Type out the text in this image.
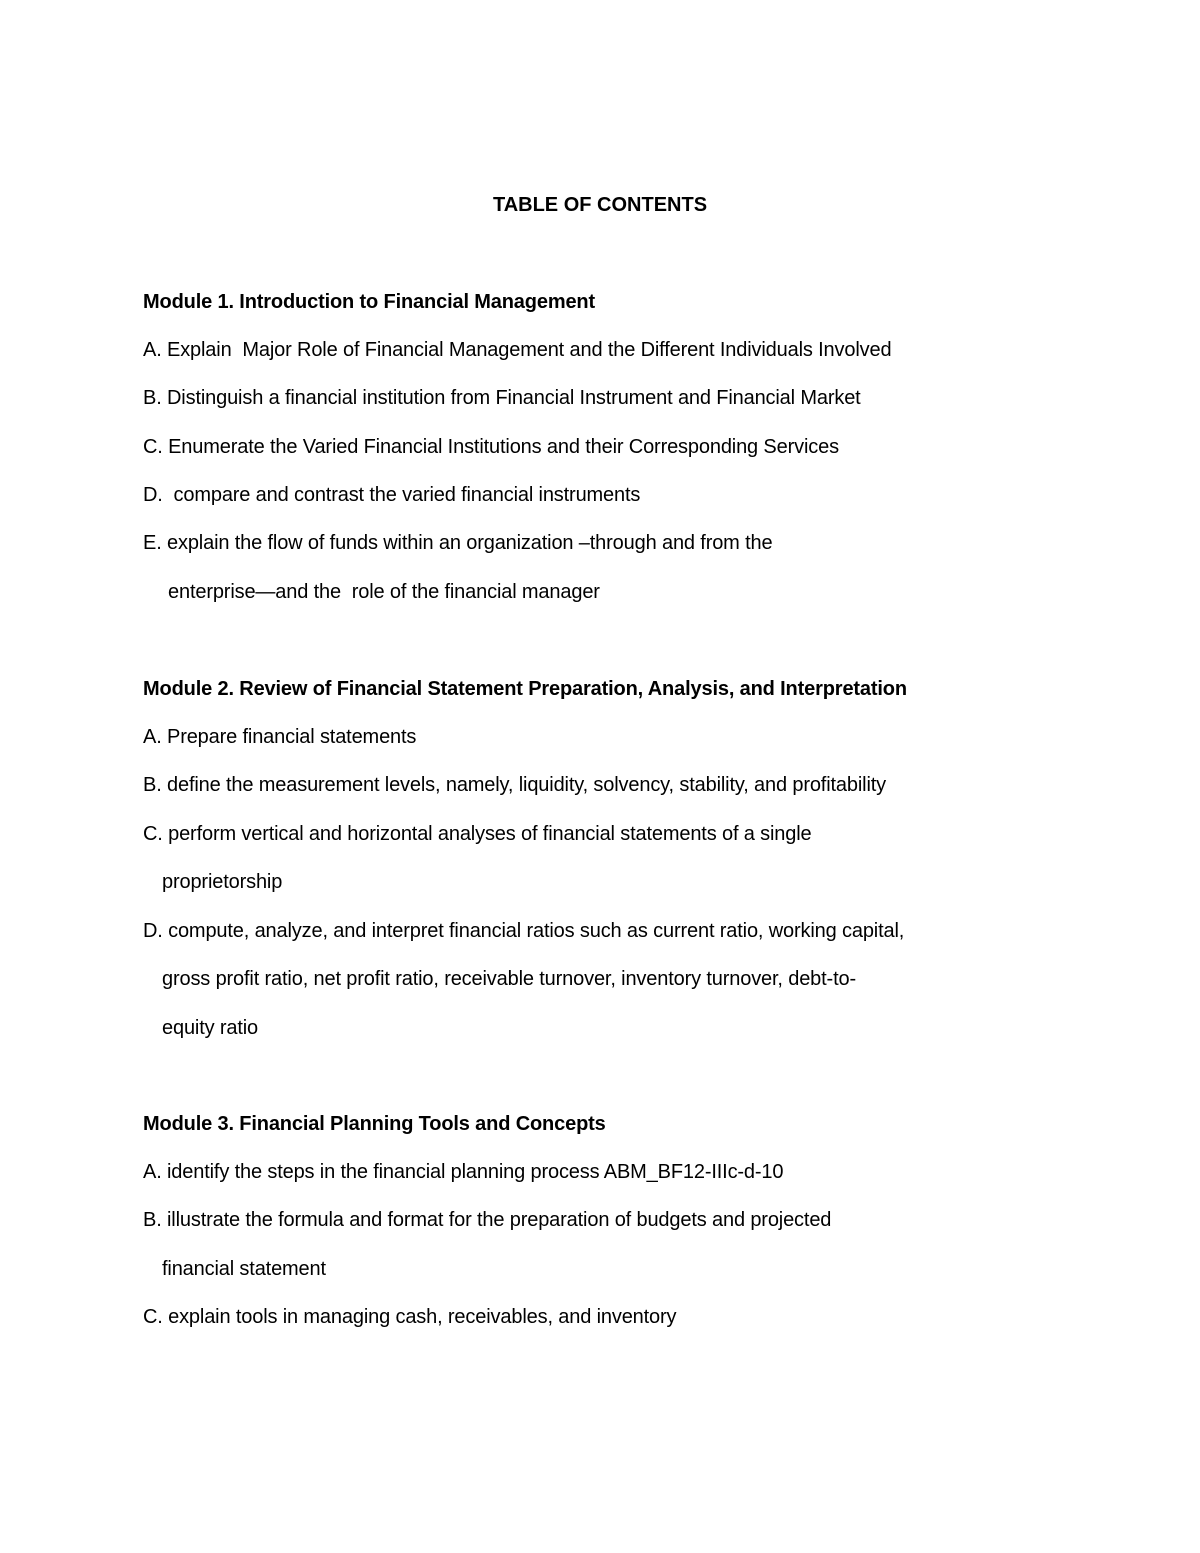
TABLE OF CONTENTS
Module 1. Introduction to Financial Management
A. Explain  Major Role of Financial Management and the Different Individuals Involved
B. Distinguish a financial institution from Financial Instrument and Financial Market
C. Enumerate the Varied Financial Institutions and their Corresponding Services
D.  compare and contrast the varied financial instruments
E. explain the flow of funds within an organization –through and from the
enterprise—and the  role of the financial manager
Module 2. Review of Financial Statement Preparation, Analysis, and Interpretation
A. Prepare financial statements
B. define the measurement levels, namely, liquidity, solvency, stability, and profitability
C. perform vertical and horizontal analyses of financial statements of a single
proprietorship
D. compute, analyze, and interpret financial ratios such as current ratio, working capital,
gross profit ratio, net profit ratio, receivable turnover, inventory turnover, debt-to-
equity ratio
Module 3. Financial Planning Tools and Concepts
A. identify the steps in the financial planning process ABM_BF12-IIIc-d-10
B. illustrate the formula and format for the preparation of budgets and projected
financial statement
C. explain tools in managing cash, receivables, and inventory
